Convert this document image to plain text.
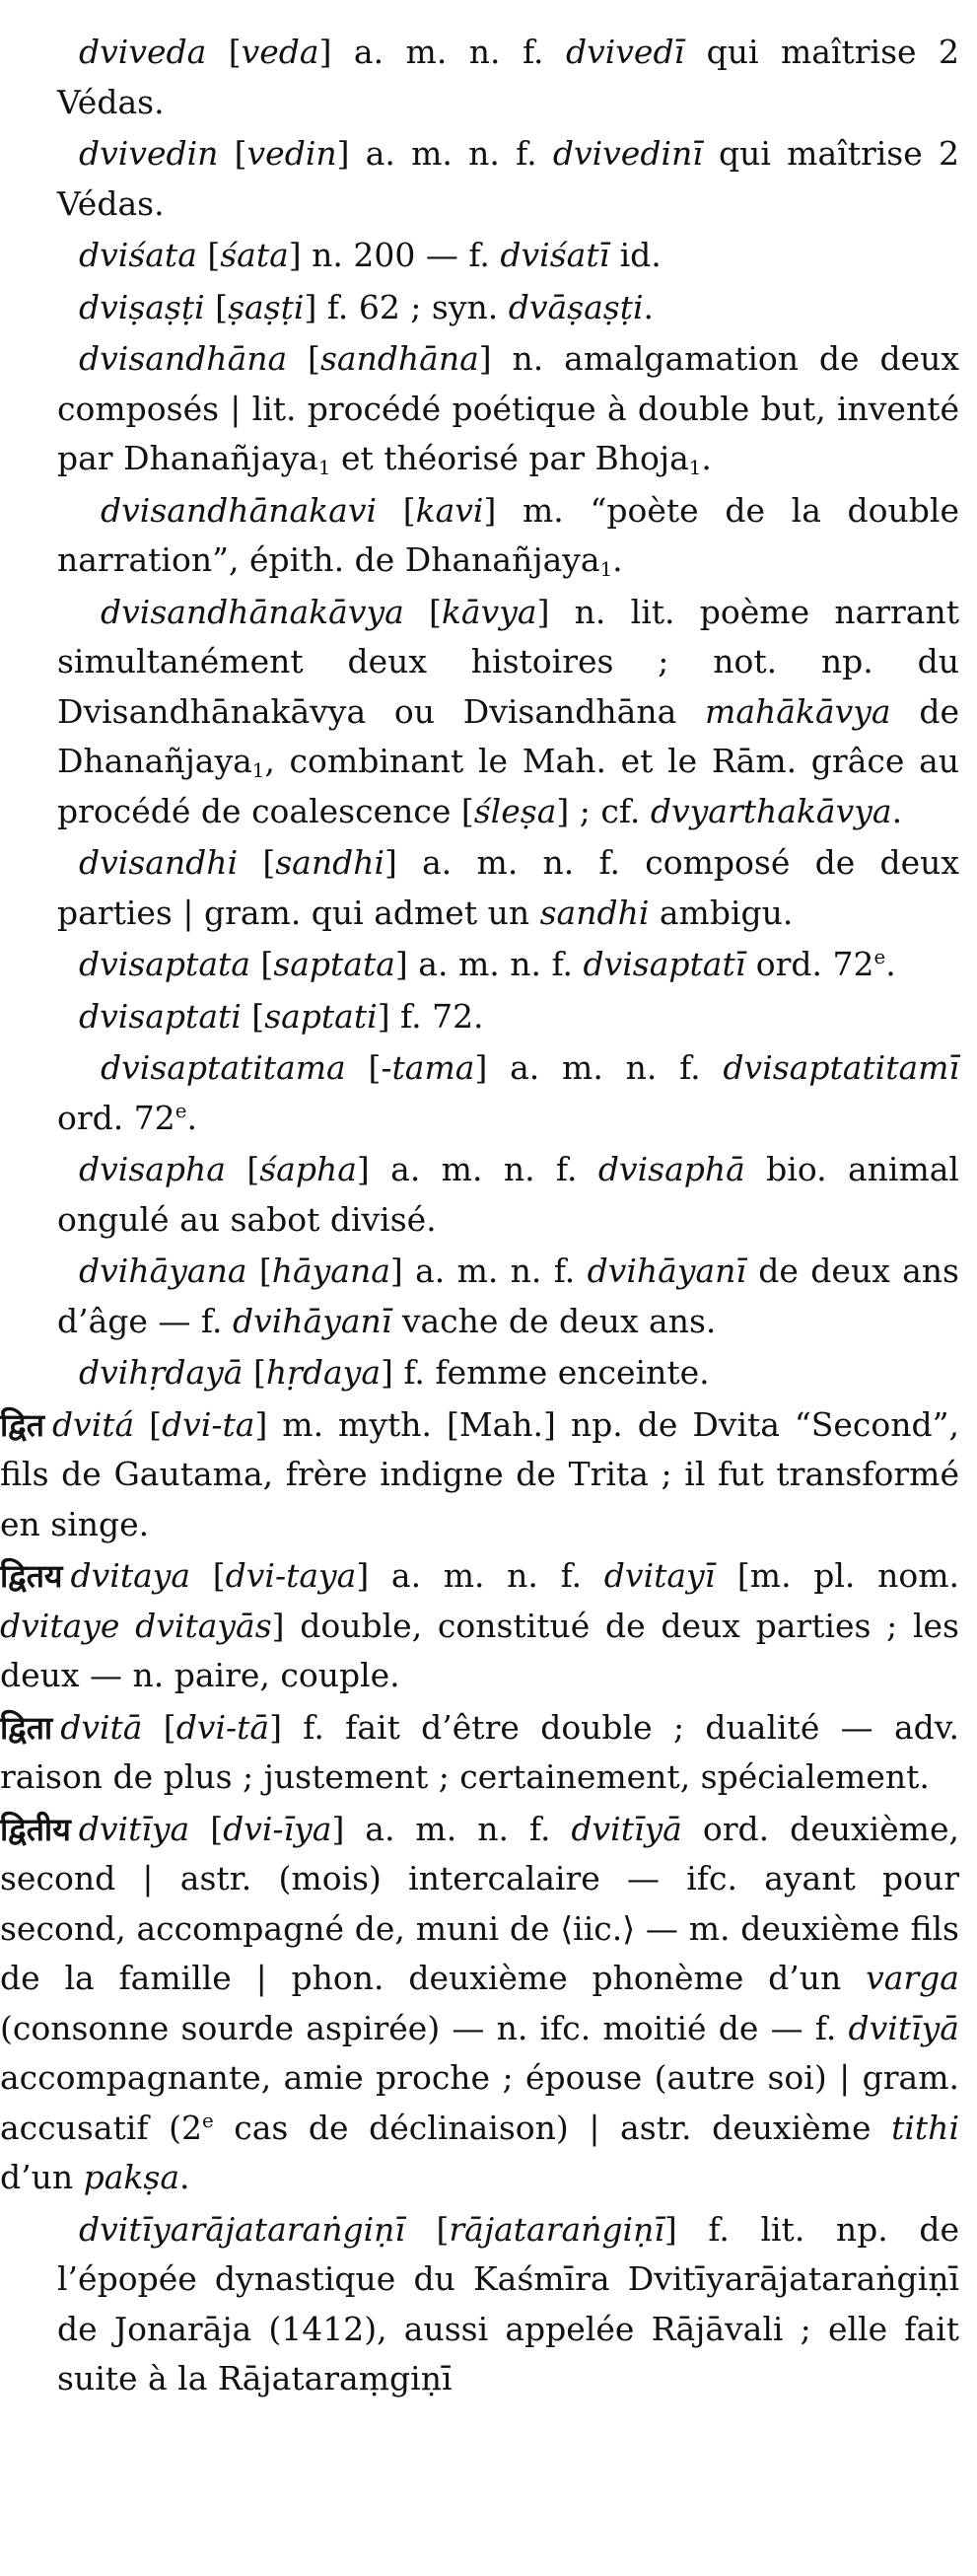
dviveda [veda] a. m. n. f. dvivedī qui maîtrise 2 Védas.

dvivedin [vedin] a. m. n. f. dvivedinī qui maîtrise 2 Védas.

dviśata [śata] n. 200 — f. dviśatī id.

dviṣaṣṭi [ṣaṣṭi] f. 62 ; syn. dvāṣaṣṭi.

dvisandhāna [sandhāna] n. amalgamation de deux composés | lit. procédé poétique à double but, inventé par Dhanañjaya$_1$ et théorisé par Bhoja$_1$.

dvisandhānakavi [kavi] m. “poète de la double narration”, épith. de Dhanañjaya$_1$.

dvisandhānakāvya [kāvya] n. lit. poème narrant simultanément deux histoires ; not. np. du Dvisandhānakāvya ou Dvisandhāna mahākāvya de Dhanañjaya$_1$, combinant le Mah. et le Rām. grâce au procédé de coalescence [śleṣa] ; cf. dvyarthakāvya.

dvisandhi [sandhi] a. m. n. f. composé de deux parties | gram. qui admet un sandhi ambigu.

dvisaptata [saptata] a. m. n. f. dvisaptatī ord. 72e.

dvisaptati [saptati] f. 72.

dvisaptatitama [-tama] a. m. n. f. dvisaptatitamī ord. 72e.

dvisapha [śapha] a. m. n. f. dvisaphā bio. animal ongulé au sabot divisé.

dvihāyana [hāyana] a. m. n. f. dvihāyanī de deux ans d’âge — f. dvihāyanī vache de deux ans.

dvihṛdayā [hṛdaya] f. femme enceinte.

द्वित dvitá [dvi-ta] m. myth. [Mah.] np. de Dvita “Second”, fils de Gautama, frère indigne de Trita ; il fut transformé en singe.

द्वितय dvitaya [dvi-taya] a. m. n. f. dvitayī [m. pl. nom. dvitaye dvitayās] double, constitué de deux parties ; les deux — n. paire, couple.

द्विता dvitā [dvi-tā] f. fait d’être double ; dualité — adv. raison de plus ; justement ; certainement, spécialement.

द्वितीय dvitīya [dvi-īya] a. m. n. f. dvitīyā ord. deuxième, second | astr. (mois) intercalaire — ifc. ayant pour second, accompagné de, muni de ⟨iic.⟩ — m. deuxième fils de la famille | phon. deuxième phonème d’un varga (consonne sourde aspirée) — n. ifc. moitié de — f. dvitīyā accompagnante, amie proche ; épouse (autre soi) | gram. accusatif (2e cas de déclinaison) | astr. deuxième tithi d’un pakṣa.

dvitīyarājataraṅgiṇī [rājataraṅgiṇī] f. lit. np. de l’épopée dynastique du Kaśmīra Dvitīyarājataraṅgiṇī de Jonarāja (1412), aussi appelée Rājāvali ; elle fait suite à la Rājataraṃgiṇī
